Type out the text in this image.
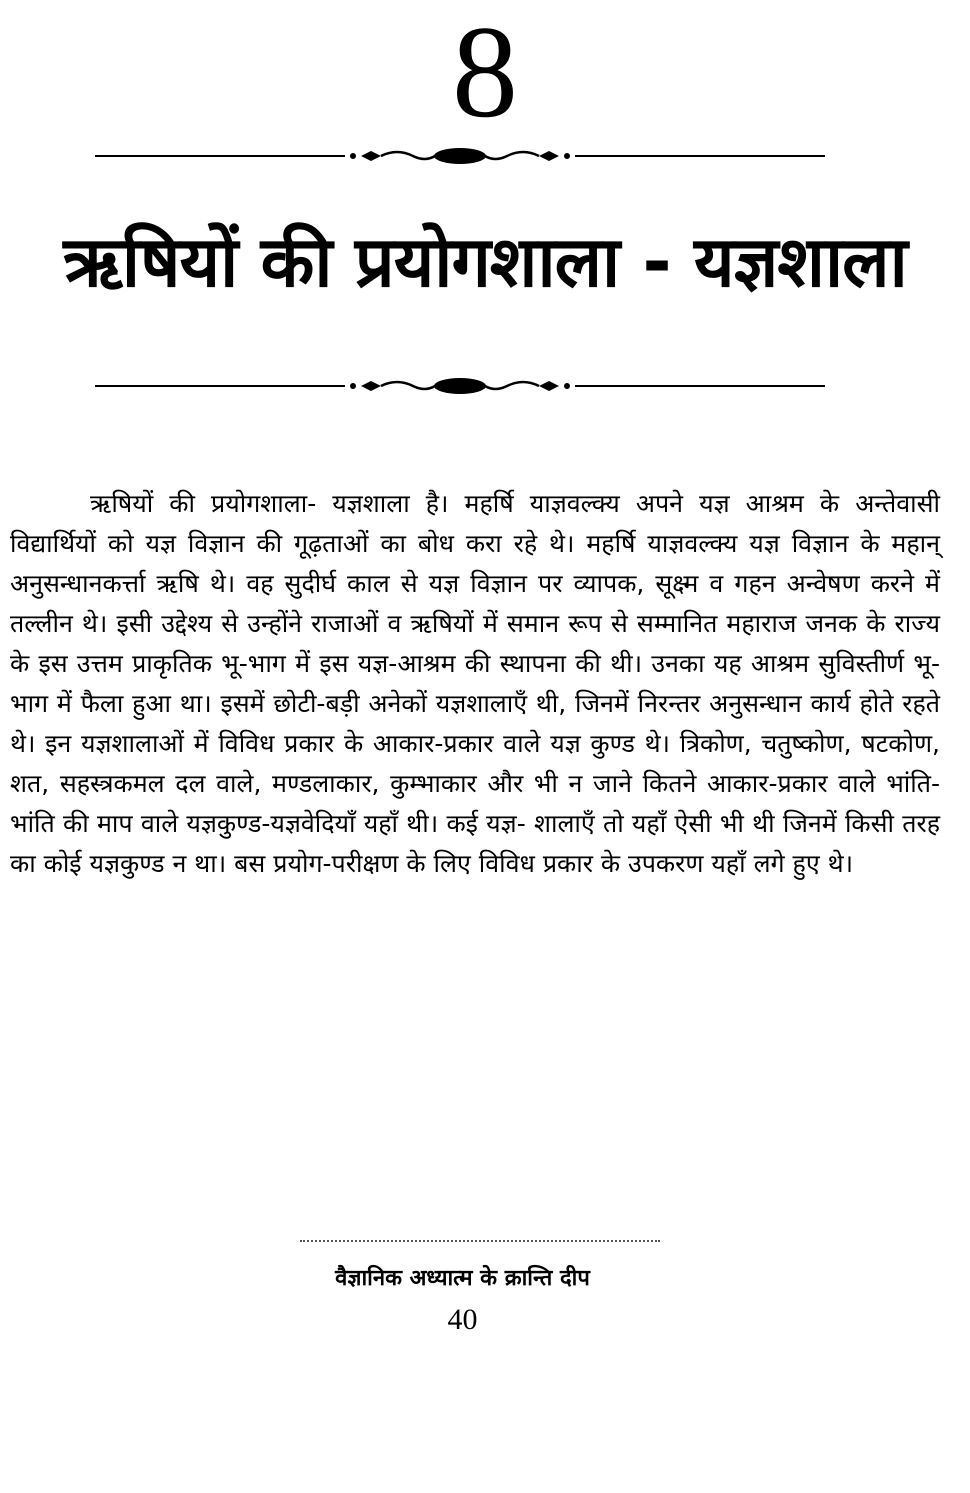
8
ऋषियों की प्रयोगशाला - यज्ञशाला

ऋषियों की प्रयोगशाला- यज्ञशाला है। महर्षि याज्ञवल्क्य अपने यज्ञ आश्रम के अन्तेवासी विद्यार्थियों को यज्ञ विज्ञान की गूढ़ताओं का बोध करा रहे थे। महर्षि याज्ञवल्क्य यज्ञ विज्ञान के महान् अनुसन्धानकर्त्ता ऋषि थे। वह सुदीर्घ काल से यज्ञ विज्ञान पर व्यापक, सूक्ष्म व गहन अन्वेषण करने में तल्लीन थे। इसी उद्देश्य से उन्होंने राजाओं व ऋषियों में समान रूप से सम्मानित महाराज जनक के राज्य के इस उत्तम प्राकृतिक भू-भाग में इस यज्ञ-आश्रम की स्थापना की थी। उनका यह आश्रम सुविस्तीर्ण भू-भाग में फैला हुआ था। इसमें छोटी-बड़ी अनेकों यज्ञशालाएँ थी, जिनमें निरन्तर अनुसन्धान कार्य होते रहते थे। इन यज्ञशालाओं में विविध प्रकार के आकार-प्रकार वाले यज्ञ कुण्ड थे। त्रिकोण, चतुष्कोण, षटकोण, शत, सहस्त्रकमल दल वाले, मण्डलाकार, कुम्भाकार और भी न जाने कितने आकार-प्रकार वाले भांति-भांति की माप वाले यज्ञकुण्ड-यज्ञवेदियाँ यहाँ थी। कई यज्ञ- शालाएँ तो यहाँ ऐसी भी थी जिनमें किसी तरह का कोई यज्ञकुण्ड न था। बस प्रयोग-परीक्षण के लिए विविध प्रकार के उपकरण यहाँ लगे हुए थे।

वैज्ञानिक अध्यात्म के क्रान्ति दीप
40
